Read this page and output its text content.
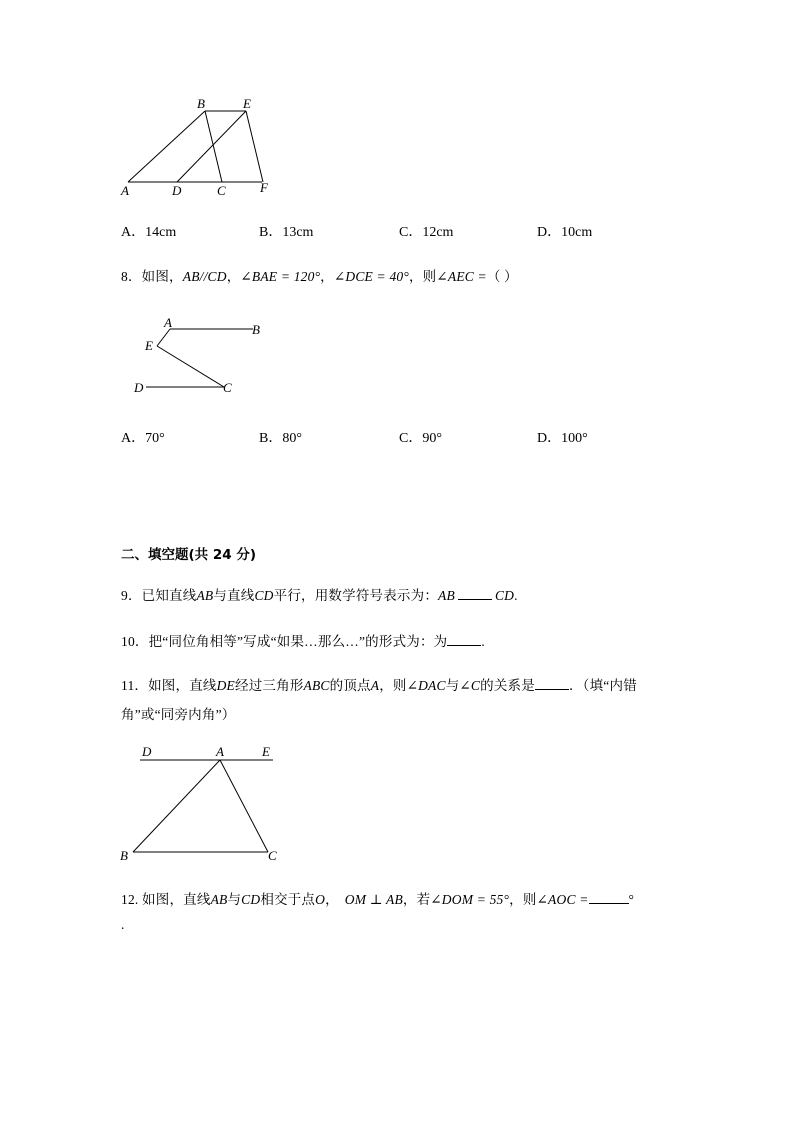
B	E
A	D	C	F
A．14cm	B．13cm	C．12cm	D．10cm
8．如图，AB//CD，∠BAE = 120°，∠DCE = 40°，则∠AEC =（ ）
A	B
E
D	C
A．70°	B．80°	C．90°	D．100°
二、填空题(共 24 分)
9．已知直线AB与直线CD平行，用数学符号表示为：AB	CD.
10．把“同位角相等”写成“如果…那么…”的形式为：为	.
11．如图，直线DE经过三角形ABC的顶点A，则∠DAC与∠C的关系是	．（填“内错
角”或“同旁内角”）
D	A	E
B	C
12. 如图，直线AB与CD相交于点O， OM ⊥ AB，若∠DOM = 55°，则∠AOC =	°
.
